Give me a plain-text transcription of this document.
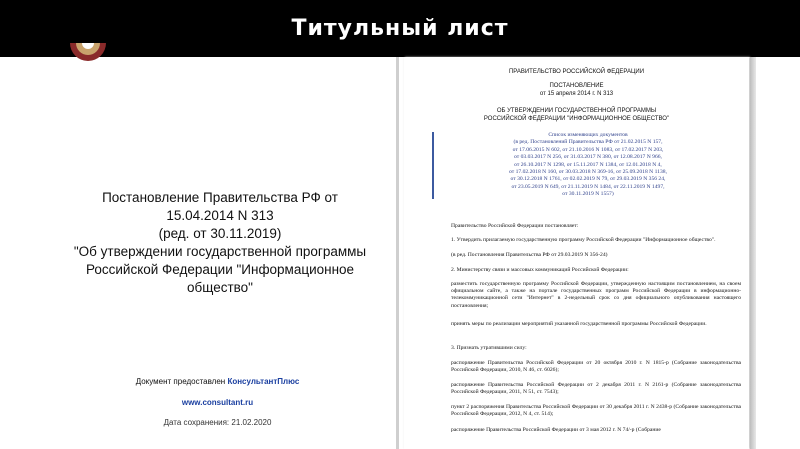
Титульный лист
Постановление Правительства РФ от
15.04.2014 N 313
(ред. от 30.11.2019)
"Об утверждении государственной программы
Российской Федерации "Информационное
общество"
Документ предоставлен КонсультантПлюс
www.consultant.ru
Дата сохранения: 21.02.2020
ПРАВИТЕЛЬСТВО РОССИЙСКОЙ ФЕДЕРАЦИИ
ПОСТАНОВЛЕНИЕ
от 15 апреля 2014 г. N 313
ОБ УТВЕРЖДЕНИИ ГОСУДАРСТВЕННОЙ ПРОГРАММЫ
РОССИЙСКОЙ ФЕДЕРАЦИИ "ИНФОРМАЦИОННОЕ ОБЩЕСТВО"
Список изменяющих документов
(в ред. Постановлений Правительства РФ от 21.02.2015 N 157,
от 17.06.2015 N 602, от 21.10.2016 N 1083, от 17.02.2017 N 203,
от 03.03.2017 N 256, от 31.03.2017 N 380, от 12.08.2017 N 966,
от 26.10.2017 N 1298, от 15.11.2017 N 1384, от 12.01.2018 N 4,
от 17.02.2018 N 160, от 30.03.2018 N 369-16, от 25.09.2018 N 1138,
от 30.12.2018 N 1761, от 02.02.2019 N 79, от 29.03.2019 N 356 24,
от 23.05.2019 N 649, от 21.11.2019 N 1484, от 22.11.2019 N 1497,
от 30.11.2019 N 1557)
Правительство Российской Федерации постановляет:
1. Утвердить прилагаемую государственную программу Российской Федерации "Информационное общество".
(в ред. Постановления Правительства РФ от 29.03.2019 N 356-24)
2. Министерству связи и массовых коммуникаций Российской Федерации:
разместить государственную программу Российской Федерации, утвержденную настоящим постановлением, на своем официальном сайте, а также на портале государственных программ Российской Федерации в информационно-телекоммуникационной сети "Интернет" в 2-недельный срок со дня официального опубликования настоящего постановления;
принять меры по реализации мероприятий указанной государственной программы Российской Федерации.
3. Признать утратившими силу:
распоряжение Правительства Российской Федерации от 20 октября 2010 г. N 1815-р (Собрание законодательства Российской Федерации, 2010, N 46, ст. 6026);
распоряжение Правительства Российской Федерации от 2 декабря 2011 г. N 2161-р (Собрание законодательства Российской Федерации, 2011, N 51, ст. 7543);
пункт 2 распоряжения Правительства Российской Федерации от 30 декабря 2011 г. N 2438-р (Собрание законодательства Российской Федерации, 2012, N 4, ст. 514);
распоряжение Правительства Российской Федерации от 3 мая 2012 г. N 74/-р (Собрание
